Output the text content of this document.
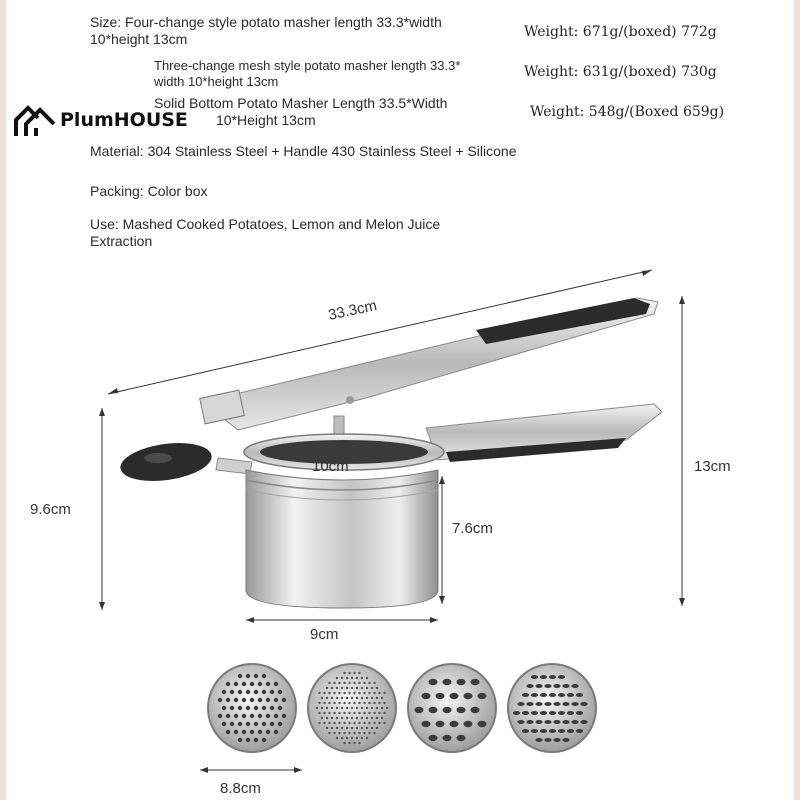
PlumHOUSE
Size: Four-change style potato masher length 33.3*width
10*height 13cm
Three-change mesh style potato masher length 33.3*
width 10*height 13cm
Solid Bottom Potato Masher Length 33.5*Width
10*Height 13cm
Weight: 671g/(boxed) 772g
Weight: 631g/(boxed) 730g
Weight: 548g/(Boxed 659g)
Material: 304 Stainless Steel + Handle 430 Stainless Steel + Silicone
Packing: Color box
Use: Mashed Cooked Potatoes, Lemon and Melon Juice
Extraction
33.3cm
13cm
9.6cm
7.6cm
10cm
9cm
8.8cm
